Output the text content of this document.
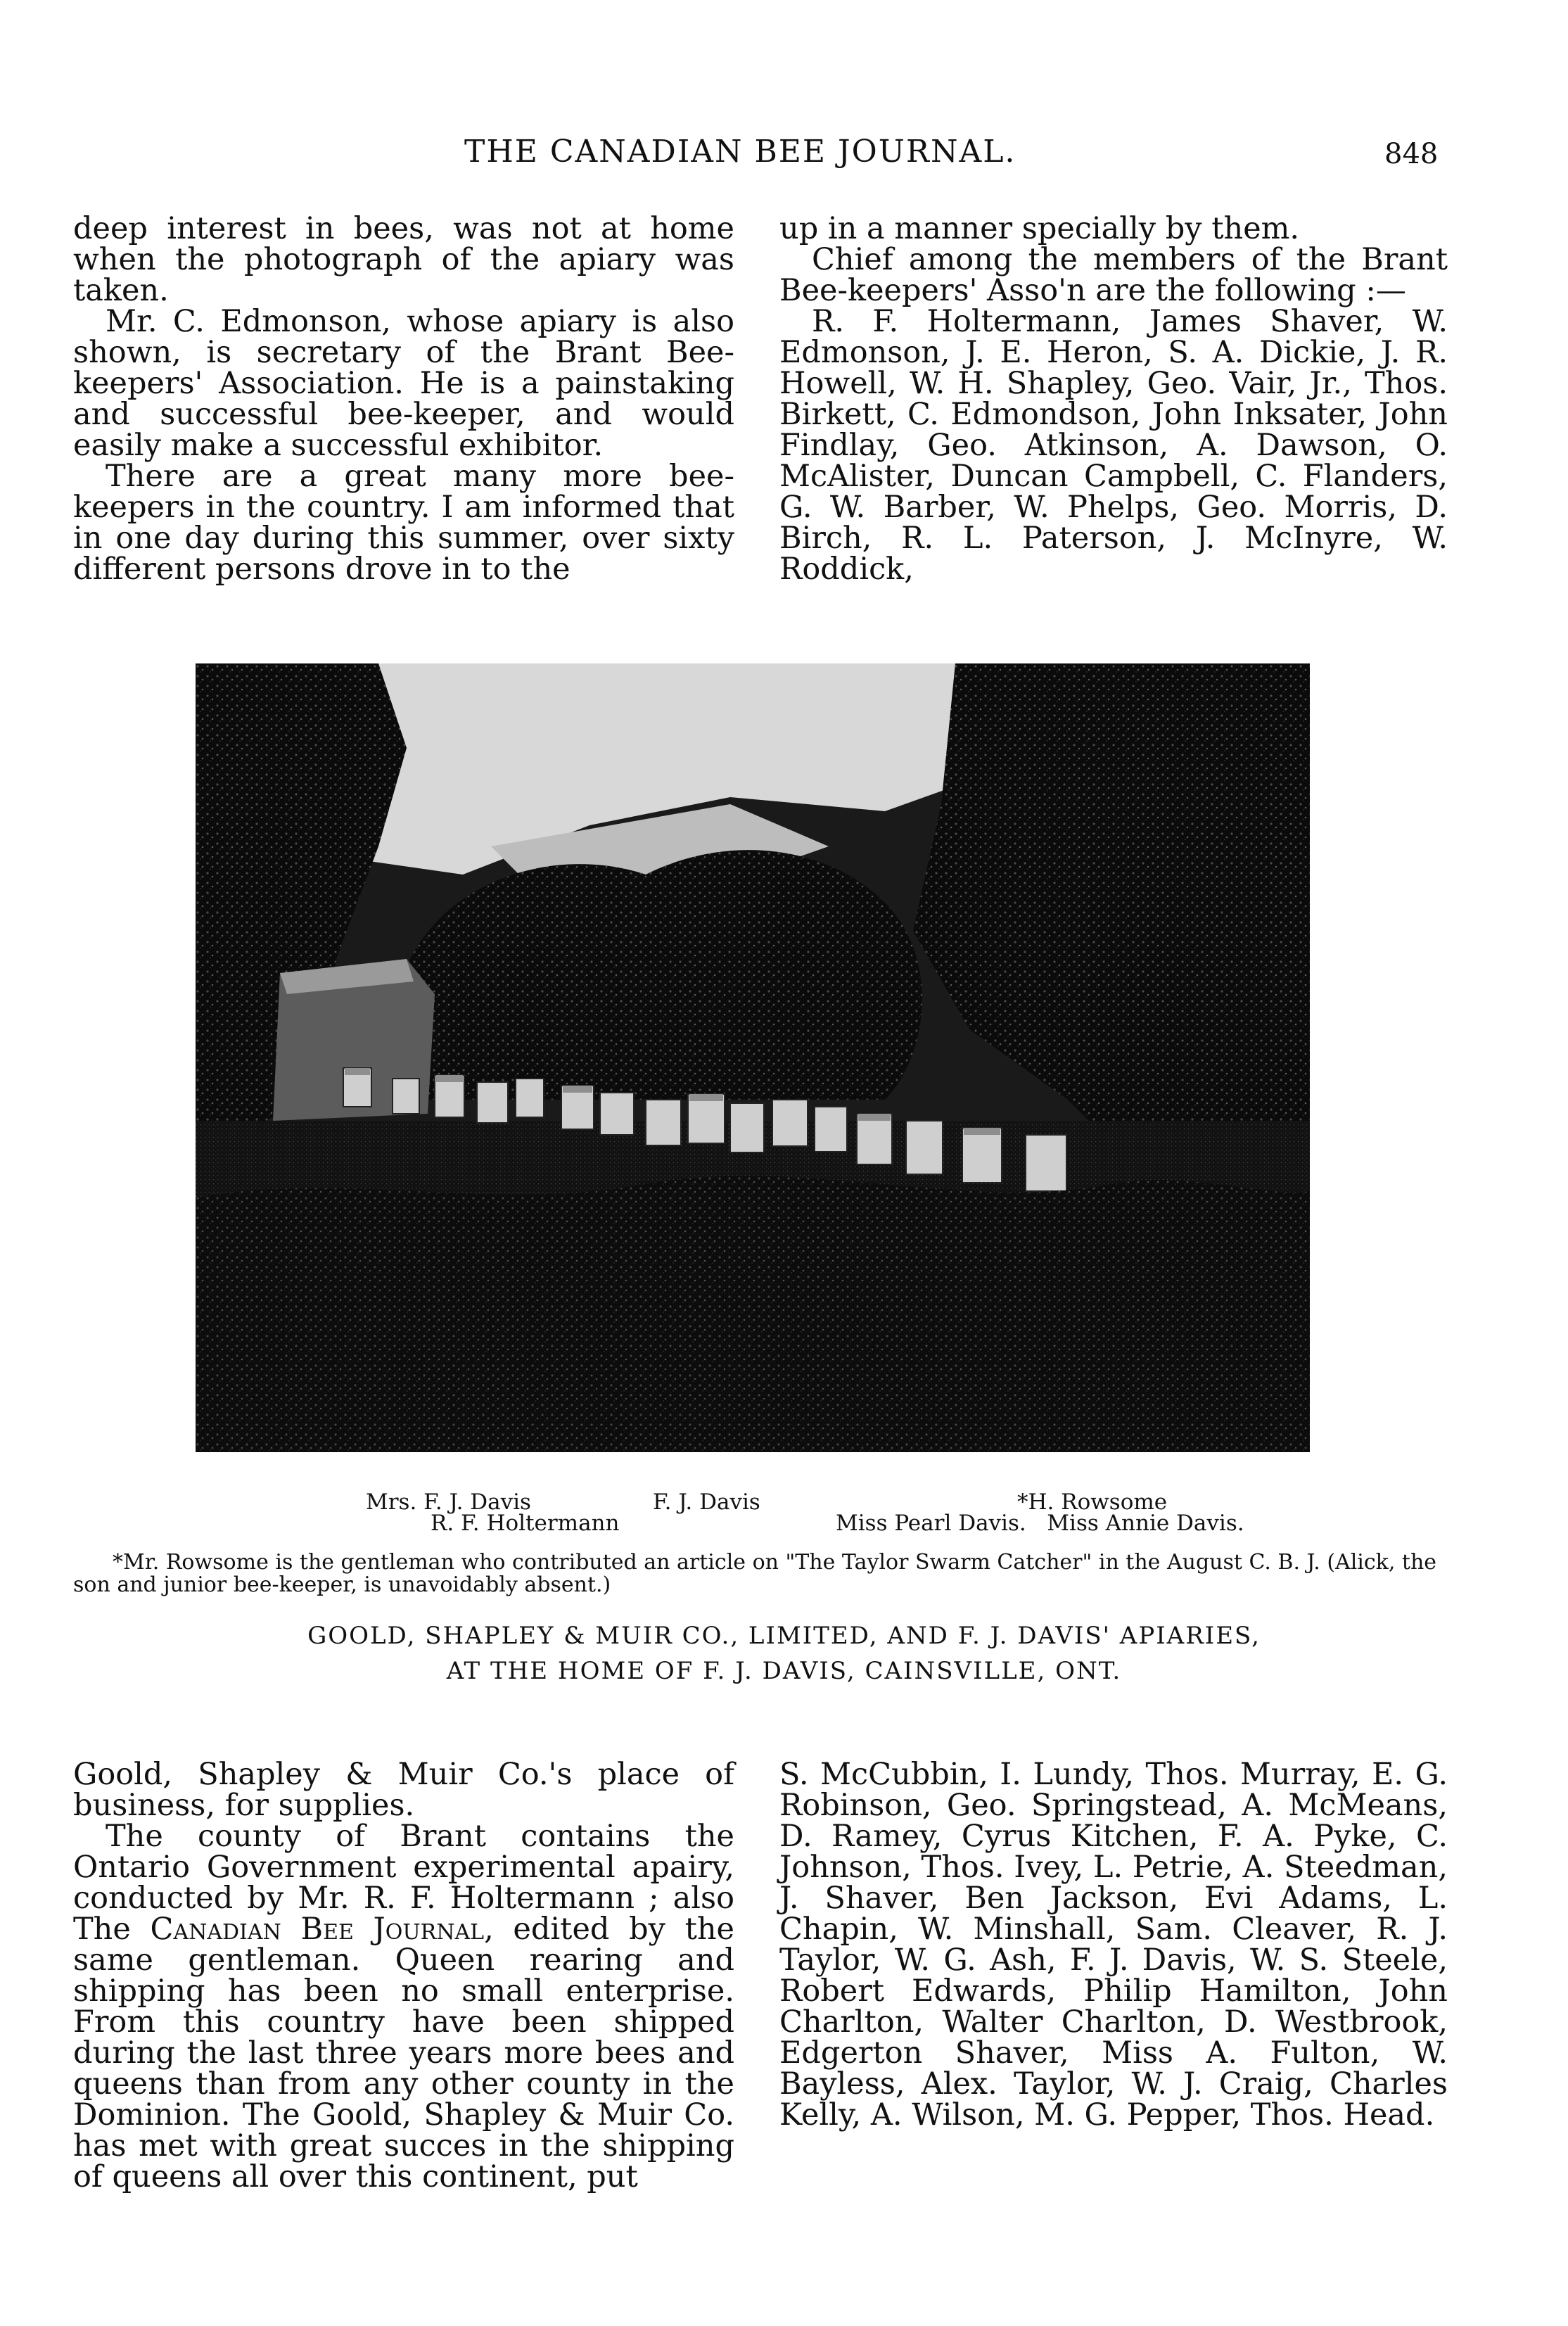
THE CANADIAN BEE JOURNAL.	848

deep interest in bees, was not at home when the photograph of the apiary was taken.

Mr. C. Edmonson, whose apiary is also shown, is secretary of the Brant Bee-keepers' Association. He is a painstaking and successful bee-keeper, and would easily make a successful exhibitor.

There are a great many more bee-keepers in the country. I am informed that in one day during this summer, over sixty different persons drove in to the

up in a manner specially by them.

Chief among the members of the Brant Bee-keepers' Asso'n are the following :—

R. F. Holtermann, James Shaver, W. Edmonson, J. E. Heron, S. A. Dickie, J. R. Howell, W. H. Shapley, Geo. Vair, Jr., Thos. Birkett, C. Edmondson, John Inksater, John Findlay, Geo. Atkinson, A. Dawson, O. McAlister, Duncan Campbell, C. Flanders, G. W. Barber, W. Phelps, Geo. Morris, D. Birch, R. L. Paterson, J. McInyre, W. Roddick,

Mrs. F. J. Davis	F. J. Davis	*H. Rowsome
R. F. Holtermann	Miss Pearl Davis.   Miss Annie Davis.

*Mr. Rowsome is the gentleman who contributed an article on "The Taylor Swarm Catcher" in the August C. B. J. (Alick, the son and junior bee-keeper, is unavoidably absent.)

GOOLD, SHAPLEY & MUIR CO., LIMITED, AND F. J. DAVIS' APIARIES,
AT THE HOME OF F. J. DAVIS, CAINSVILLE, ONT.

Goold, Shapley & Muir Co.'s place of business, for supplies.

The county of Brant contains the Ontario Government experimental apairy, conducted by Mr. R. F. Holtermann ; also The Canadian Bee Journal, edited by the same gentleman. Queen rearing and shipping has been no small enterprise. From this country have been shipped during the last three years more bees and queens than from any other county in the Dominion. The Goold, Shapley & Muir Co. has met with great succes in the shipping of queens all over this continent, put

S. McCubbin, I. Lundy, Thos. Murray, E. G. Robinson, Geo. Springstead, A. McMeans, D. Ramey, Cyrus Kitchen, F. A. Pyke, C. Johnson, Thos. Ivey, L. Petrie, A. Steedman, J. Shaver, Ben Jackson, Evi Adams, L. Chapin, W. Minshall, Sam. Cleaver, R. J. Taylor, W. G. Ash, F. J. Davis, W. S. Steele, Robert Edwards, Philip Hamilton, John Charlton, Walter Charlton, D. Westbrook, Edgerton Shaver, Miss A. Fulton, W. Bayless, Alex. Taylor, W. J. Craig, Charles Kelly, A. Wilson, M. G. Pepper, Thos. Head.
